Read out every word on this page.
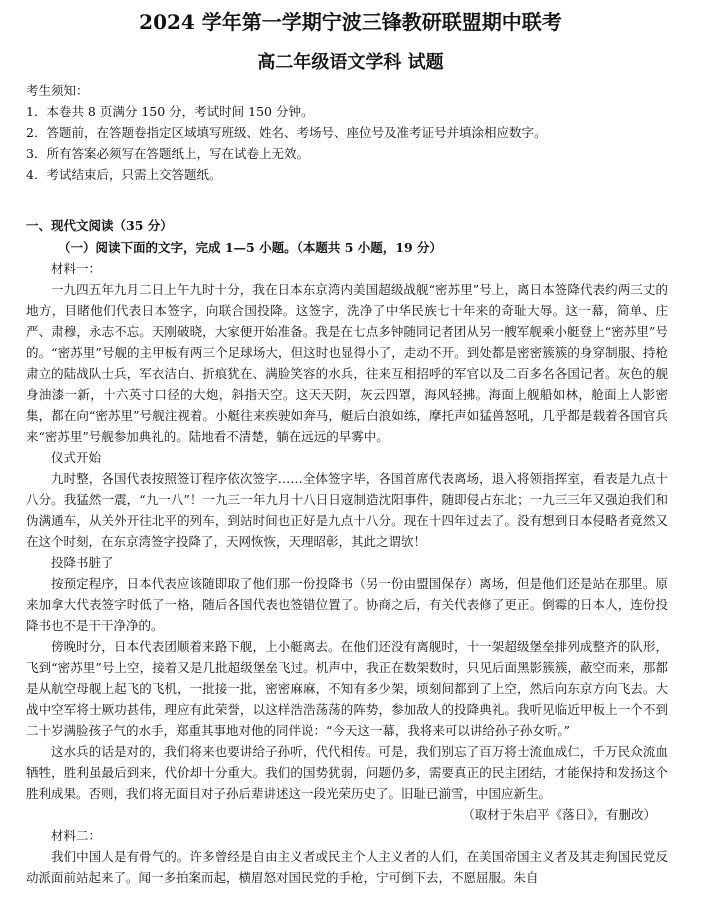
2024 学年第一学期宁波三锋教研联盟期中联考
高二年级语文学科 试题
考生须知：
1．本卷共 8 页满分 150 分，考试时间 150 分钟。
2．答题前，在答题卷指定区域填写班级、姓名、考场号、座位号及准考证号并填涂相应数字。
3．所有答案必须写在答题纸上，写在试卷上无效。
4．考试结束后，只需上交答题纸。
一、现代文阅读（35 分）
（一）阅读下面的文字，完成 1—5 小题。（本题共 5 小题，19 分）

材料一：

一九四五年九月二日上午九时十分，我在日本东京湾内美国超级战舰“密苏里”号上，离日本签降代表约两三丈的地方，目睹他们代表日本签字，向联合国投降。这签字，洗净了中华民族七十年来的奇耻大辱。这一幕，简单、庄严、肃穆，永志不忘。天刚破晓，大家便开始准备。我是在七点多钟随同记者团从另一艘军舰乘小艇登上“密苏里”号的。“密苏里”号舰的主甲板有两三个足球场大，但这时也显得小了，走动不开。到处都是密密簇簇的身穿制服、持枪肃立的陆战队士兵，军衣洁白、折痕犹在、满脸笑容的水兵，往来互相招呼的军官以及二百多名各国记者。灰色的舰身油漆一新，十六英寸口径的大炮，斜指天空。这天天阴，灰云四罩，海风轻拂。海面上舰船如林，舱面上人影密集，都在向“密苏里”号舰注视着。小艇往来疾驶如奔马，艇后白浪如练，摩托声如猛兽怒吼，几乎都是载着各国官兵来“密苏里”号舰参加典礼的。陆地看不清楚，躺在远远的早雾中。

仪式开始

九时整，各国代表按照签订程序依次签字……全体签字毕，各国首席代表离场，退入将领指挥室，看表是九点十八分。我猛然一震，“九一八”！一九三一年九月十八日日寇制造沈阳事件，随即侵占东北；一九三三年又强迫我们和伪满通车，从关外开往北平的列车，到站时间也正好是九点十八分。现在十四年过去了。没有想到日本侵略者竟然又在这个时刻，在东京湾签字投降了，天网恢恢，天理昭彰，其此之谓欤！

投降书脏了

按预定程序，日本代表应该随即取了他们那一份投降书（另一份由盟国保存）离场，但是他们还是站在那里。原来加拿大代表签字时低了一格，随后各国代表也签错位置了。协商之后，有关代表修了更正。倒霉的日本人，连份投降书也不是干干净净的。

傍晚时分，日本代表团顺着来路下舰，上小艇离去。在他们还没有离舰时，十一架超级堡垒排列成整齐的队形，飞到“密苏里”号上空，接着又是几批超级堡垒飞过。机声中，我正在数架数时，只见后面黑影簇簇，蔽空而来，那都是从航空母舰上起飞的飞机，一批接一批，密密麻麻，不知有多少架，顷刻间都到了上空，然后向东京方向飞去。大战中空军将士厥功甚伟，理应有此荣誉，以这样浩浩荡荡的阵势，参加敌人的投降典礼。我听见临近甲板上一个不到二十岁满脸孩子气的水手，郑重其事地对他的同伴说：“今天这一幕，我将来可以讲给孙子孙女听。”

这水兵的话是对的，我们将来也要讲给子孙听，代代相传。可是，我们别忘了百万将士流血成仁，千万民众流血牺牲，胜利虽最后到来，代价却十分重大。我们的国势犹弱，问题仍多，需要真正的民主团结，才能保持和发扬这个胜利成果。否则，我们将无面目对子孙后辈讲述这一段光荣历史了。旧耻已湔雪，中国应新生。

（取材于朱启平《落日》，有删改）

材料二：

我们中国人是有骨气的。许多曾经是自由主义者或民主个人主义者的人们，在美国帝国主义者及其走狗国民党反动派面前站起来了。闻一多拍案而起，横眉怒对国民党的手枪，宁可倒下去，不愿屈服。朱自
